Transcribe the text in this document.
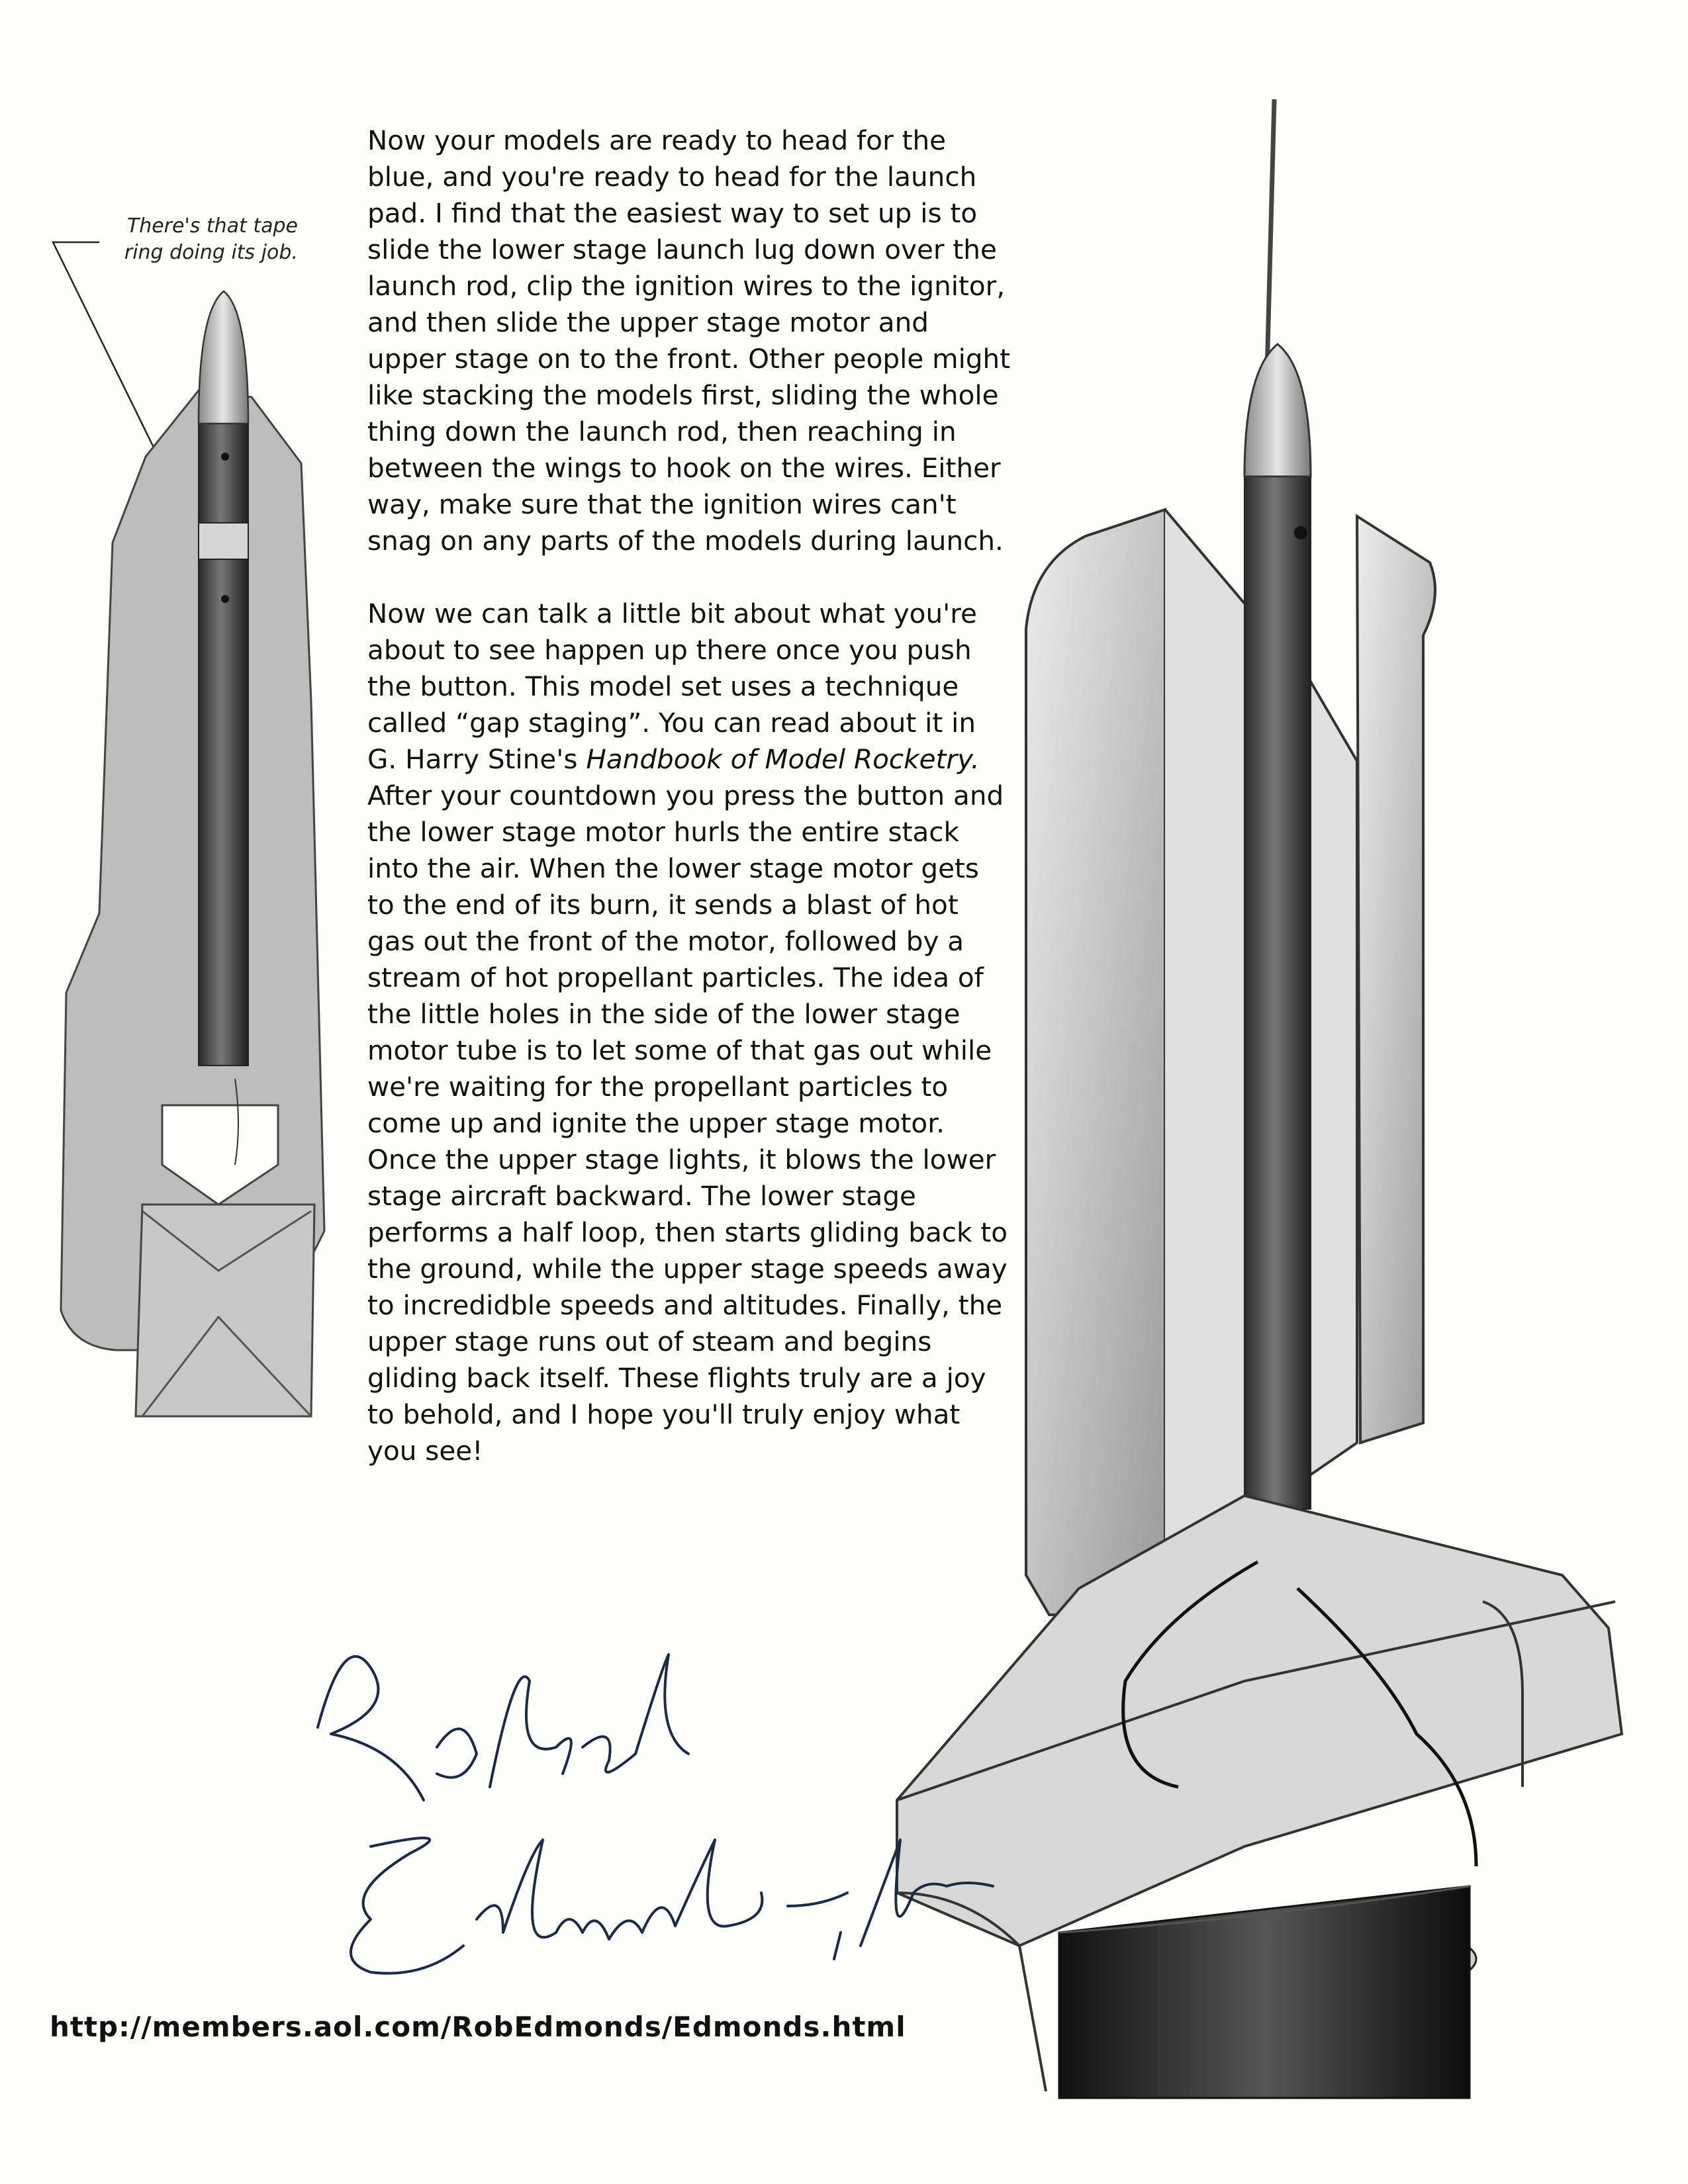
There's that tape ring doing its job.

Now your models are ready to head for the blue, and you're ready to head for the launch pad. I find that the easiest way to set up is to slide the lower stage launch lug down over the launch rod, clip the ignition wires to the ignitor, and then slide the upper stage motor and upper stage on to the front. Other people might like stacking the models first, sliding the whole thing down the launch rod, then reaching in between the wings to hook on the wires. Either way, make sure that the ignition wires can't snag on any parts of the models during launch.

Now we can talk a little bit about what you're about to see happen up there once you push the button. This model set uses a technique called “gap staging”. You can read about it in G. Harry Stine's Handbook of Model Rocketry. After your countdown you press the button and the lower stage motor hurls the entire stack into the air. When the lower stage motor gets to the end of its burn, it sends a blast of hot gas out the front of the motor, followed by a stream of hot propellant particles. The idea of the little holes in the side of the lower stage motor tube is to let some of that gas out while we're waiting for the propellant particles to come up and ignite the upper stage motor. Once the upper stage lights, it blows the lower stage aircraft backward. The lower stage performs a half loop, then starts gliding back to the ground, while the upper stage speeds away to incredidble speeds and altitudes. Finally, the upper stage runs out of steam and begins gliding back itself. These flights truly are a joy to behold, and I hope you'll truly enjoy what you see!

http://members.aol.com/RobEdmonds/Edmonds.html
